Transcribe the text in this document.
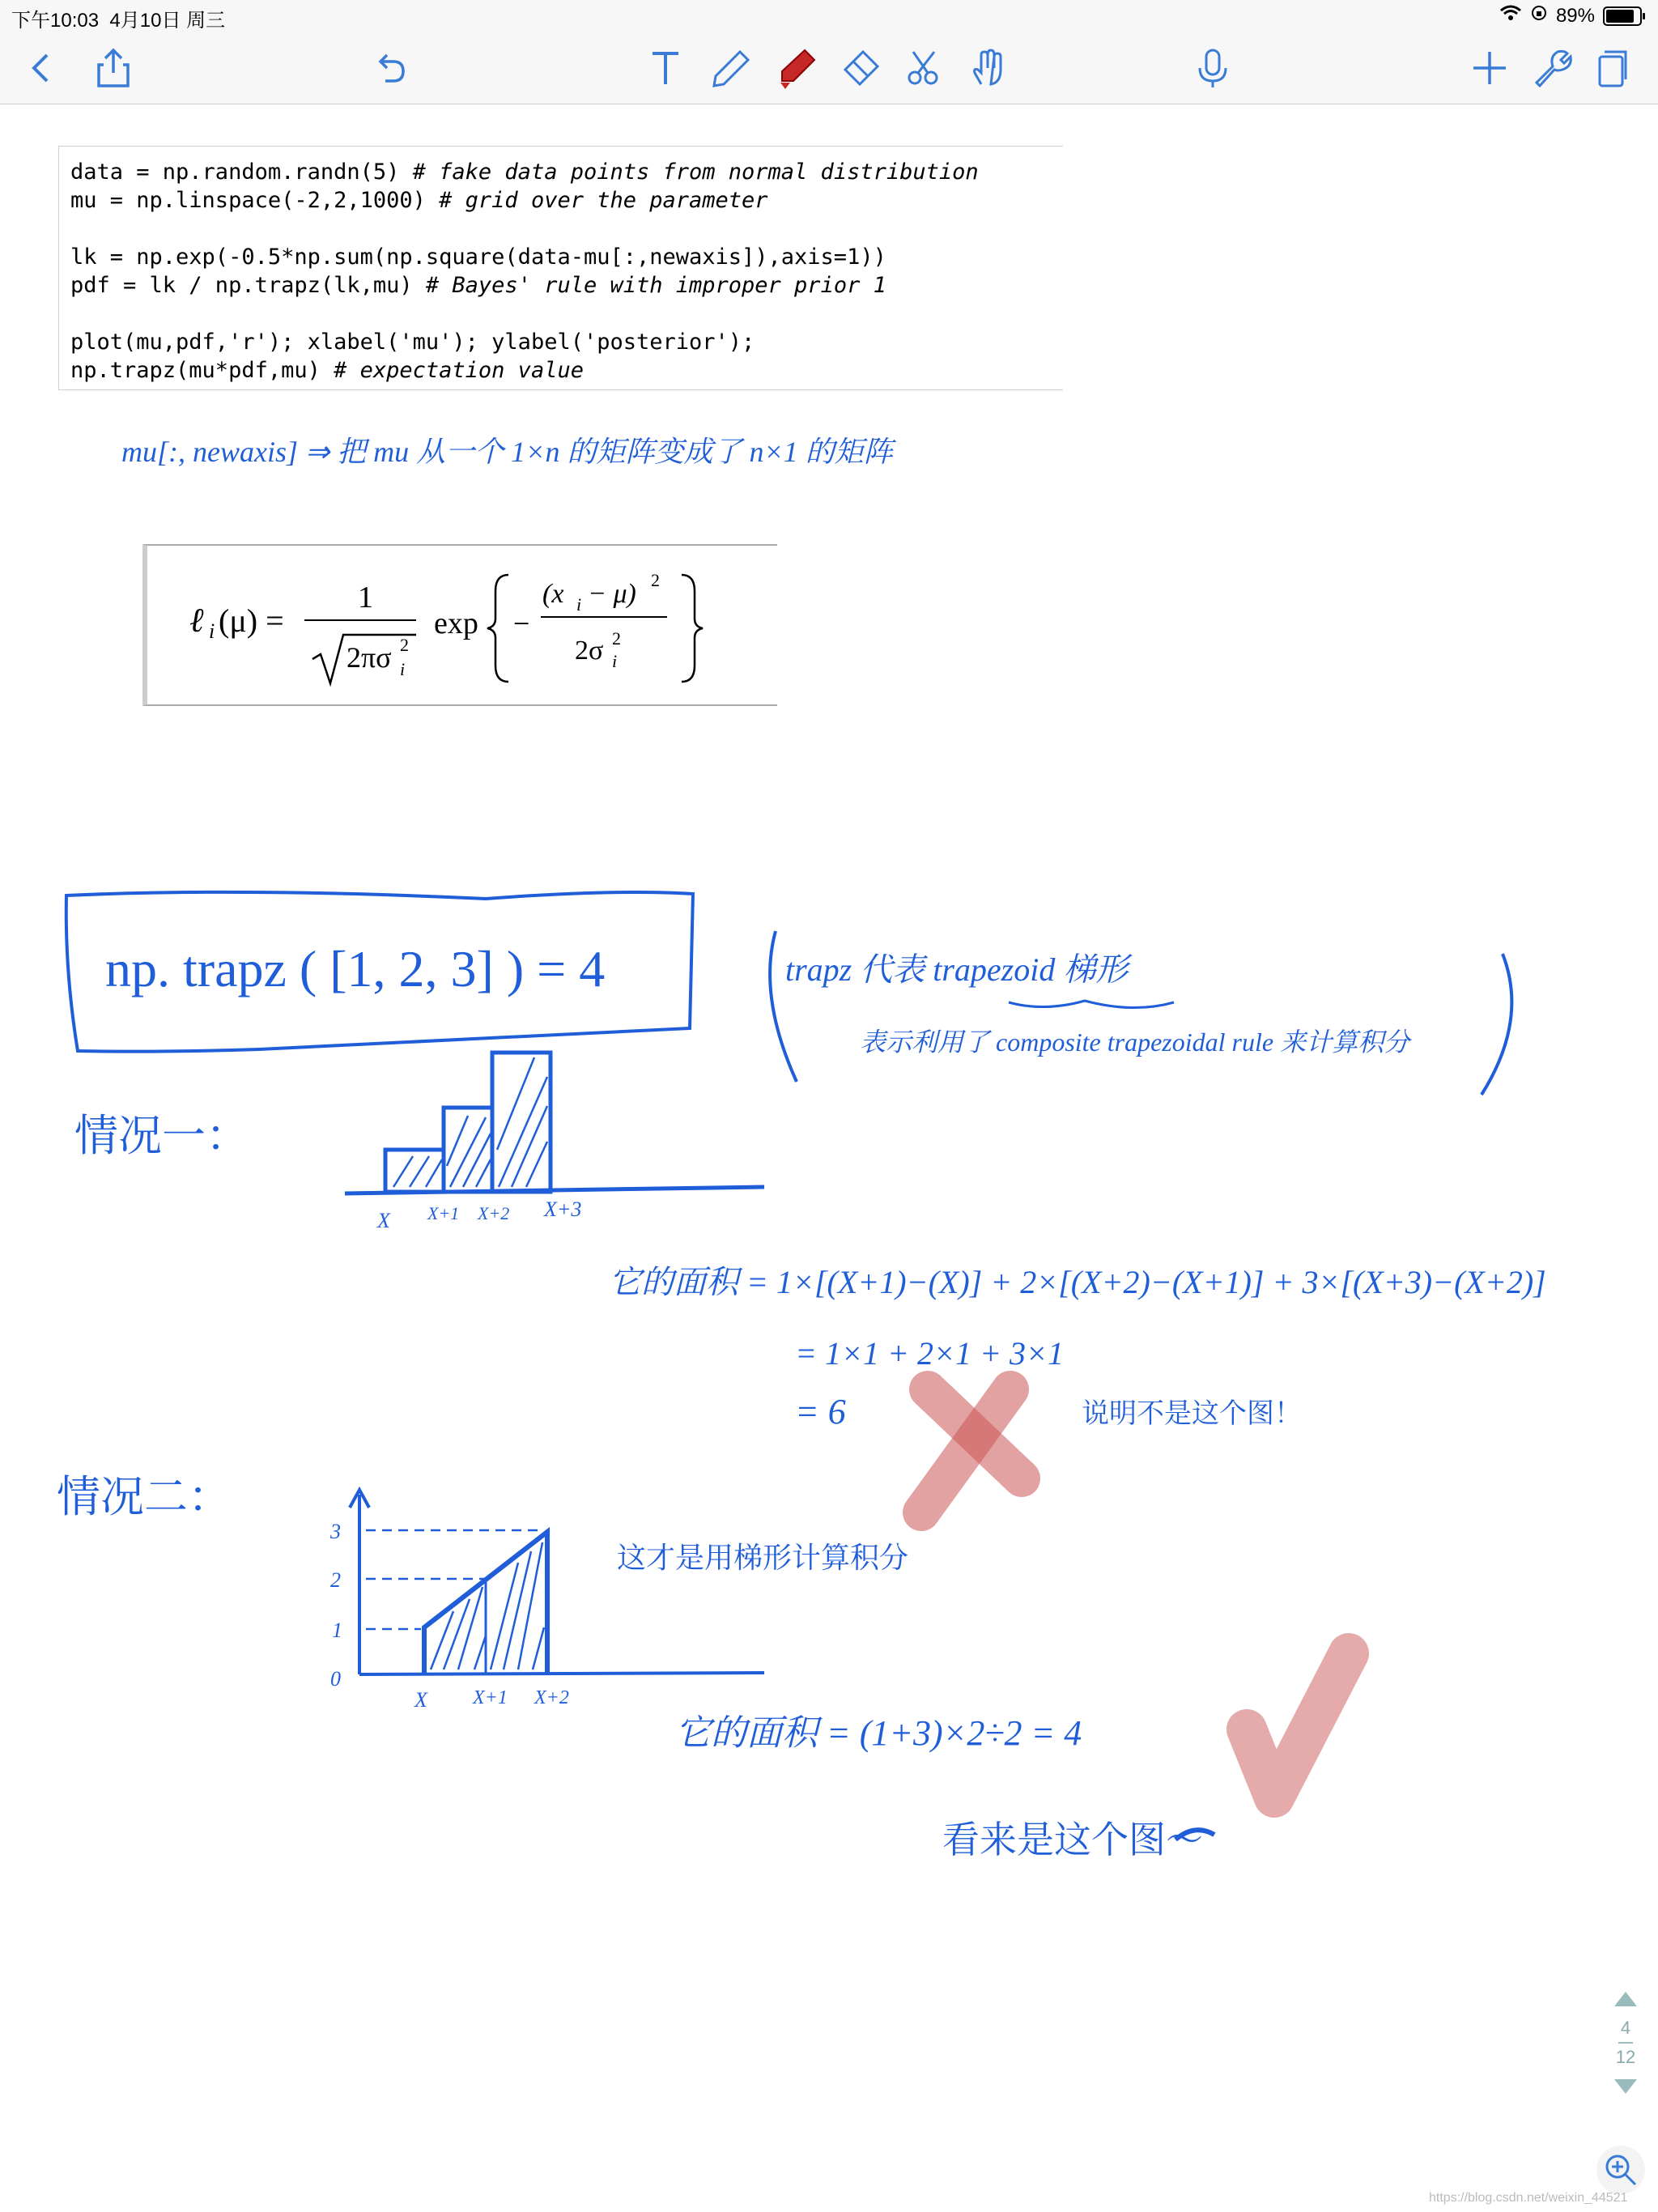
下午10:03 4月10日 周三	89%
data = np.random.randn(5) # fake data points from normal distribution
mu = np.linspace(-2,2,1000) # grid over the parameter
lk = np.exp(-0.5*np.sum(np.square(data-mu[:,newaxis]),axis=1))
pdf = lk / np.trapz(lk,mu) # Bayes' rule with improper prior 1
plot(mu,pdf,'r'); xlabel('mu'); ylabel('posterior');
np.trapz(mu*pdf,mu) # expectation value
mu[:, newaxis] ⇒ 把 mu 从一个 1×n 的矩阵变成了 n×1 的矩阵
ℓ i (μ) =
1
2πσ 2
i
exp −
(x i − μ) 2
2σ 2
i
X X+1 X+2 X+3
0
1
2
3
X X+1 X+2
np. trapz ( [1, 2, 3] ) = 4	trapz 代表 trapezoid 梯形
表示利用了 composite trapezoidal rule 来计算积分
情况一：
它的面积 = 1×[(X+1)−(X)] + 2×[(X+2)−(X+1)] + 3×[(X+3)−(X+2)]
= 1×1 + 2×1 + 3×1
= 6	说明不是这个图！
情况二：
这才是用梯形计算积分
它的面积 = (1+3)×2÷2 = 4
看来是这个图～
4
12
https://blog.csdn.net/weixin_44521
